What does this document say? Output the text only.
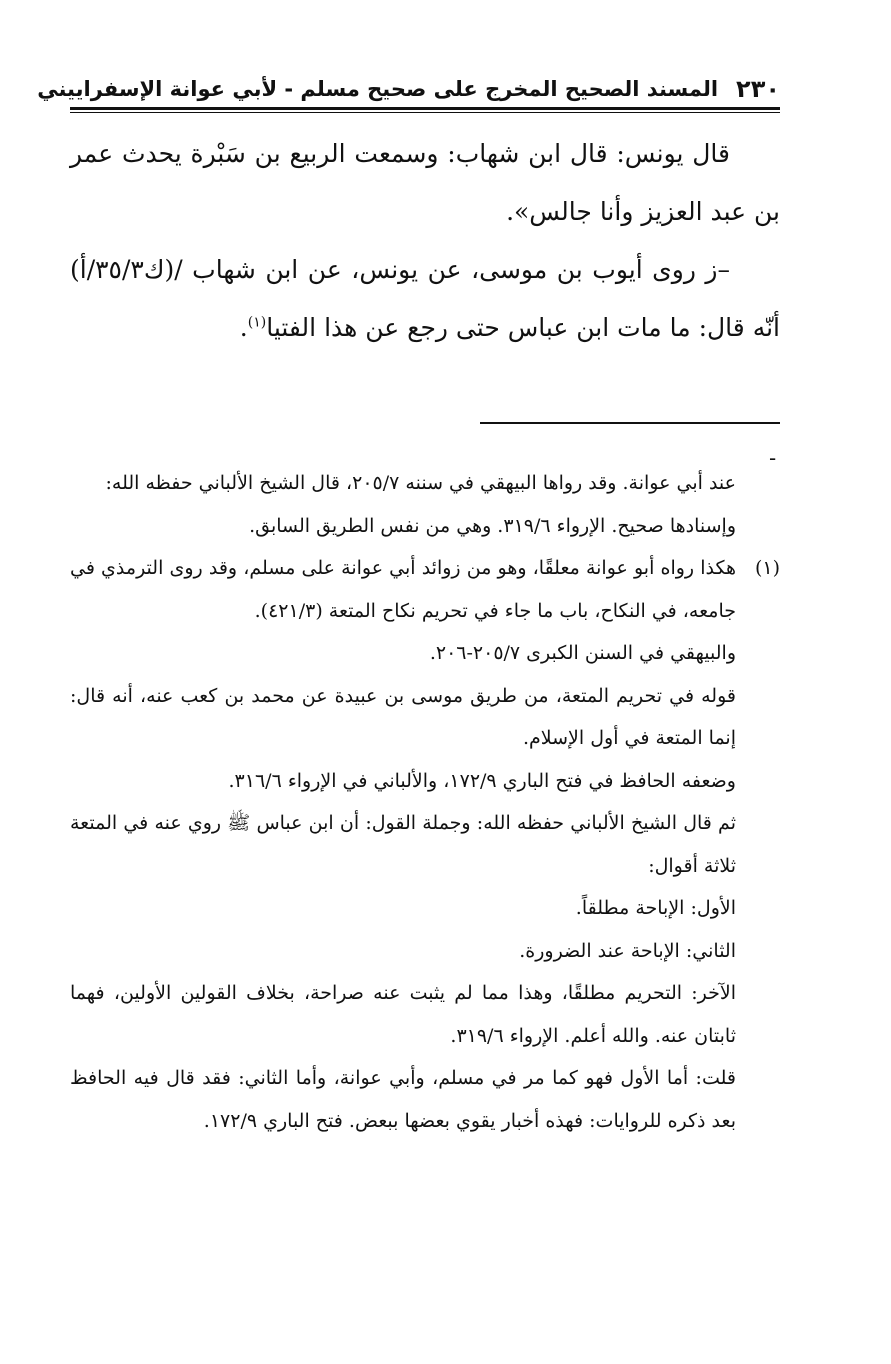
٢٣٠
المسند الصحيح المخرج على صحيح مسلم - لأبي عوانة الإسفراييني

قال يونس: قال ابن شهاب: وسمعت الربيع بن سَبْرة يحدث عمر بن عبد العزيز وأنا جالس».

–ز روى أيوب بن موسى، عن يونس، عن ابن شهاب /(ك٣٥/٣/أ) أنّه قال: ما مات ابن عباس حتى رجع عن هذا الفتيا$^{(١)}$.

-

عند أبي عوانة. وقد رواها البيهقي في سننه ٢٠٥/٧، قال الشيخ الألباني حفظه الله:

وإسنادها صحيح. الإرواء ٣١٩/٦. وهي من نفس الطريق السابق.

(١)هكذا رواه أبو عوانة معلقًا، وهو من زوائد أبي عوانة على مسلم، وقد روى الترمذي في جامعه، في النكاح، باب ما جاء في تحريم نكاح المتعة (٤٢١/٣).

والبيهقي في السنن الكبرى ٢٠٥/٧-٢٠٦.

قوله في تحريم المتعة، من طريق موسى بن عبيدة عن محمد بن كعب عنه، أنه قال: إنما المتعة في أول الإسلام.

وضعفه الحافظ في فتح الباري ١٧٢/٩، والألباني في الإرواء ٣١٦/٦.

ثم قال الشيخ الألباني حفظه الله: وجملة القول: أن ابن عباس ﷺ روي عنه في المتعة ثلاثة أقوال:

الأول: الإباحة مطلقاً.

الثاني: الإباحة عند الضرورة.

الآخر: التحريم مطلقًا، وهذا مما لم يثبت عنه صراحة، بخلاف القولين الأولين، فهما ثابتان عنه. والله أعلم. الإرواء ٣١٩/٦.

قلت: أما الأول فهو كما مر في مسلم، وأبي عوانة، وأما الثاني: فقد قال فيه الحافظ بعد ذكره للروايات: فهذه أخبار يقوي بعضها ببعض. فتح الباري ١٧٢/٩.
